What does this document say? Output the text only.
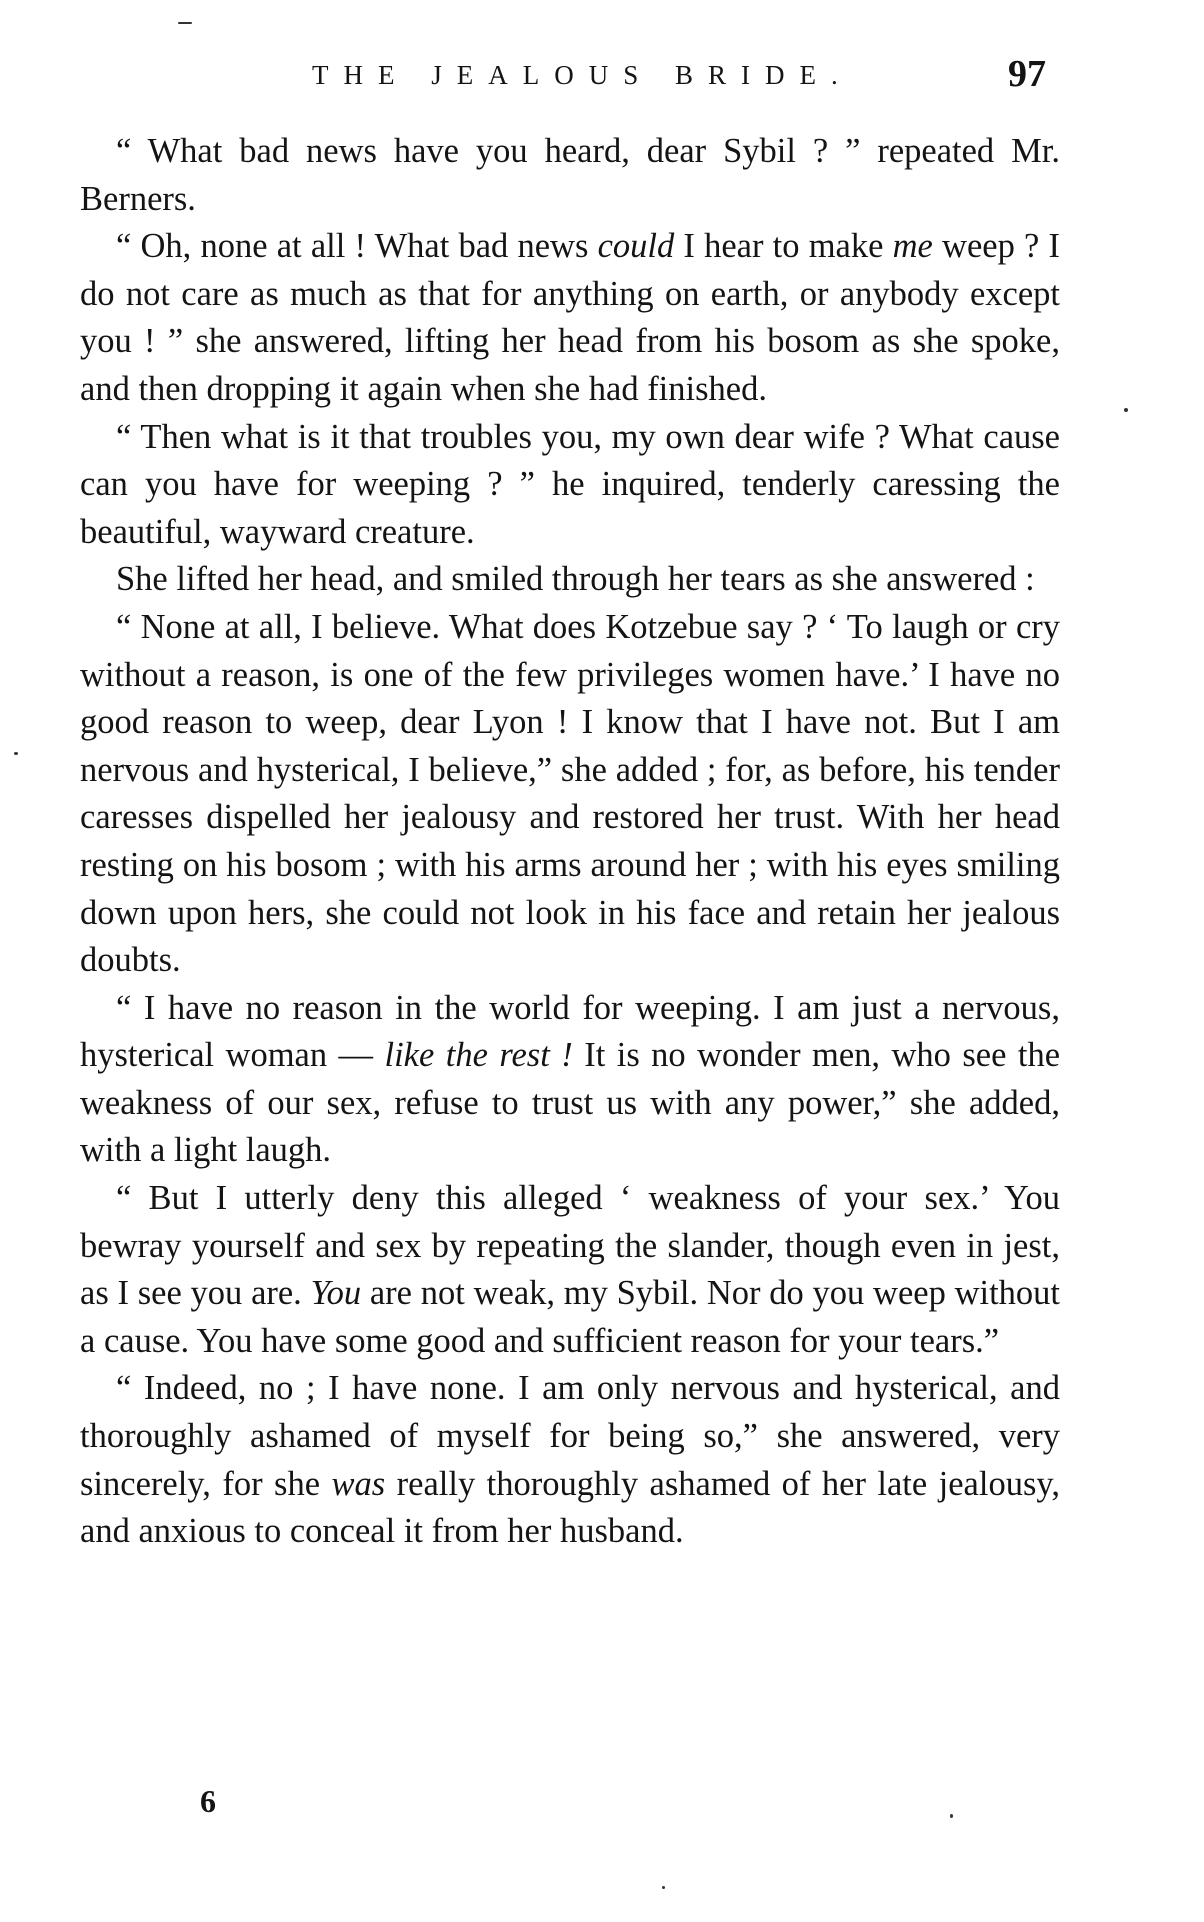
THE JEALOUS BRIDE.	97

“ What bad news have you heard, dear Sybil ? ” repeated Mr. Berners.

“ Oh, none at all ! What bad news could I hear to make me weep ? I do not care as much as that for anything on earth, or anybody except you ! ” she answered, lifting her head from his bosom as she spoke, and then dropping it again when she had finished.

“ Then what is it that troubles you, my own dear wife ? What cause can you have for weeping ? ” he inquired, tenderly caressing the beautiful, wayward creature.

She lifted her head, and smiled through her tears as she answered :

“ None at all, I believe. What does Kotzebue say ? ‘ To laugh or cry without a reason, is one of the few privileges women have.’ I have no good reason to weep, dear Lyon ! I know that I have not. But I am nervous and hysterical, I believe,” she added ; for, as before, his tender caresses dispelled her jealousy and restored her trust. With her head resting on his bosom ; with his arms around her ; with his eyes smiling down upon hers, she could not look in his face and retain her jealous doubts.

“ I have no reason in the world for weeping. I am just a nervous, hysterical woman — like the rest ! It is no wonder men, who see the weakness of our sex, refuse to trust us with any power,” she added, with a light laugh.

“ But I utterly deny this alleged ‘ weakness of your sex.’ You bewray yourself and sex by repeating the slander, though even in jest, as I see you are. You are not weak, my Sybil. Nor do you weep without a cause. You have some good and sufficient reason for your tears.”

“ Indeed, no ; I have none. I am only nervous and hysterical, and thoroughly ashamed of myself for being so,” she answered, very sincerely, for she was really thoroughly ashamed of her late jealousy, and anxious to conceal it from her husband.

6
